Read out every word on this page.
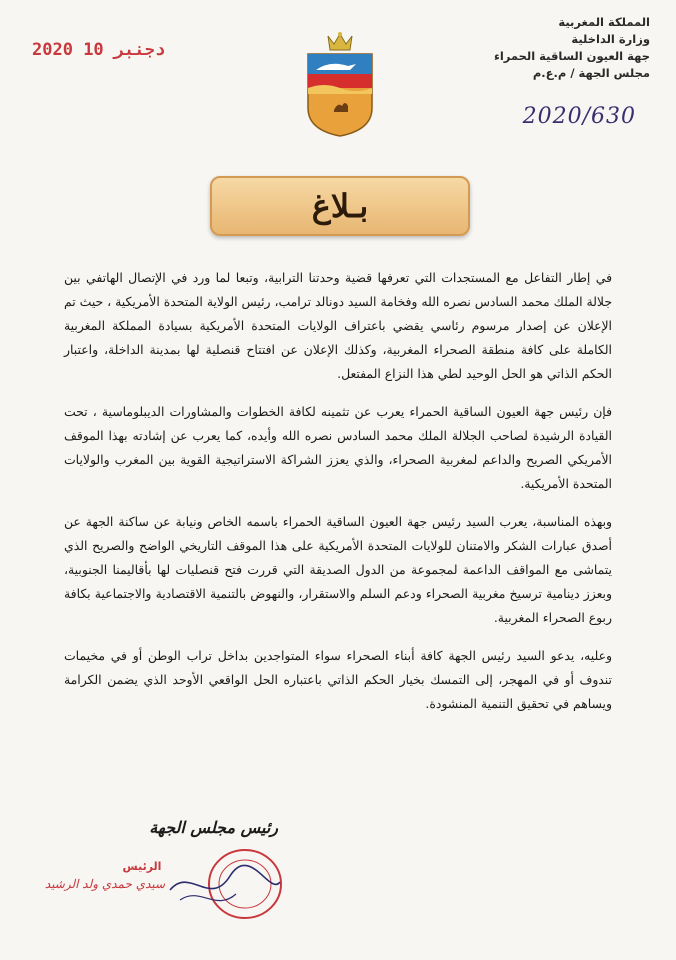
المملكة المغربية
وزارة الداخلية
جهة العيون الساقية الحمراء
مجلس الجهة / م.ع.م
2020/630
2020 دجنبر 10
بـلاغ

في إطار التفاعل مع المستجدات التي تعرفها قضية وحدتنا الترابية، وتبعا لما ورد في الإتصال الهاتفي بين جلالة الملك محمد السادس نصره الله وفخامة السيد دونالد ترامب، رئيس الولاية المتحدة الأمريكية ، حيث تم الإعلان عن إصدار مرسوم رئاسي يقضي باعتراف الولايات المتحدة الأمريكية بسيادة المملكة المغربية الكاملة على كافة منطقة الصحراء المغربية، وكذلك الإعلان عن افتتاح قنصلية لها بمدينة الداخلة، واعتبار الحكم الذاتي هو الحل الوحيد لطي هذا النزاع المفتعل.

فإن رئيس جهة العيون الساقية الحمراء يعرب عن تثمينه لكافة الخطوات والمشاورات الديبلوماسية ، تحت القيادة الرشيدة لصاحب الجلالة الملك محمد السادس نصره الله وأيده، كما يعرب عن إشادته بهذا الموقف الأمريكي الصريح والداعم لمغربية الصحراء، والذي يعزز الشراكة الاستراتيجية القوية بين المغرب والولايات المتحدة الأمريكية.

وبهذه المناسبة، يعرب السيد رئيس جهة العيون الساقية الحمراء باسمه الخاص ونيابة عن ساكنة الجهة عن أصدق عبارات الشكر والامتنان للولايات المتحدة الأمريكية على هذا الموقف التاريخي الواضح والصريح الذي يتماشى مع المواقف الداعمة لمجموعة من الدول الصديقة التي قررت فتح قنصليات لها بأقاليمنا الجنوبية، وبعزز دينامية ترسيخ مغربية الصحراء ودعم السلم والاستقرار، والنهوض بالتنمية الاقتصادية والاجتماعية بكافة ربوع الصحراء المغربية.

وعليه، يدعو السيد رئيس الجهة كافة أبناء الصحراء سواء المتواجدين بداخل تراب الوطن أو في مخيمات تندوف أو في المهجر، إلى التمسك بخيار الحكم الذاتي باعتباره الحل الواقعي الأوحد الذي يضمن الكرامة ويساهم في تحقيق التنمية المنشودة.

رئيس مجلس الجهة
الرئيس
سيدي حمدي ولد الرشيد
